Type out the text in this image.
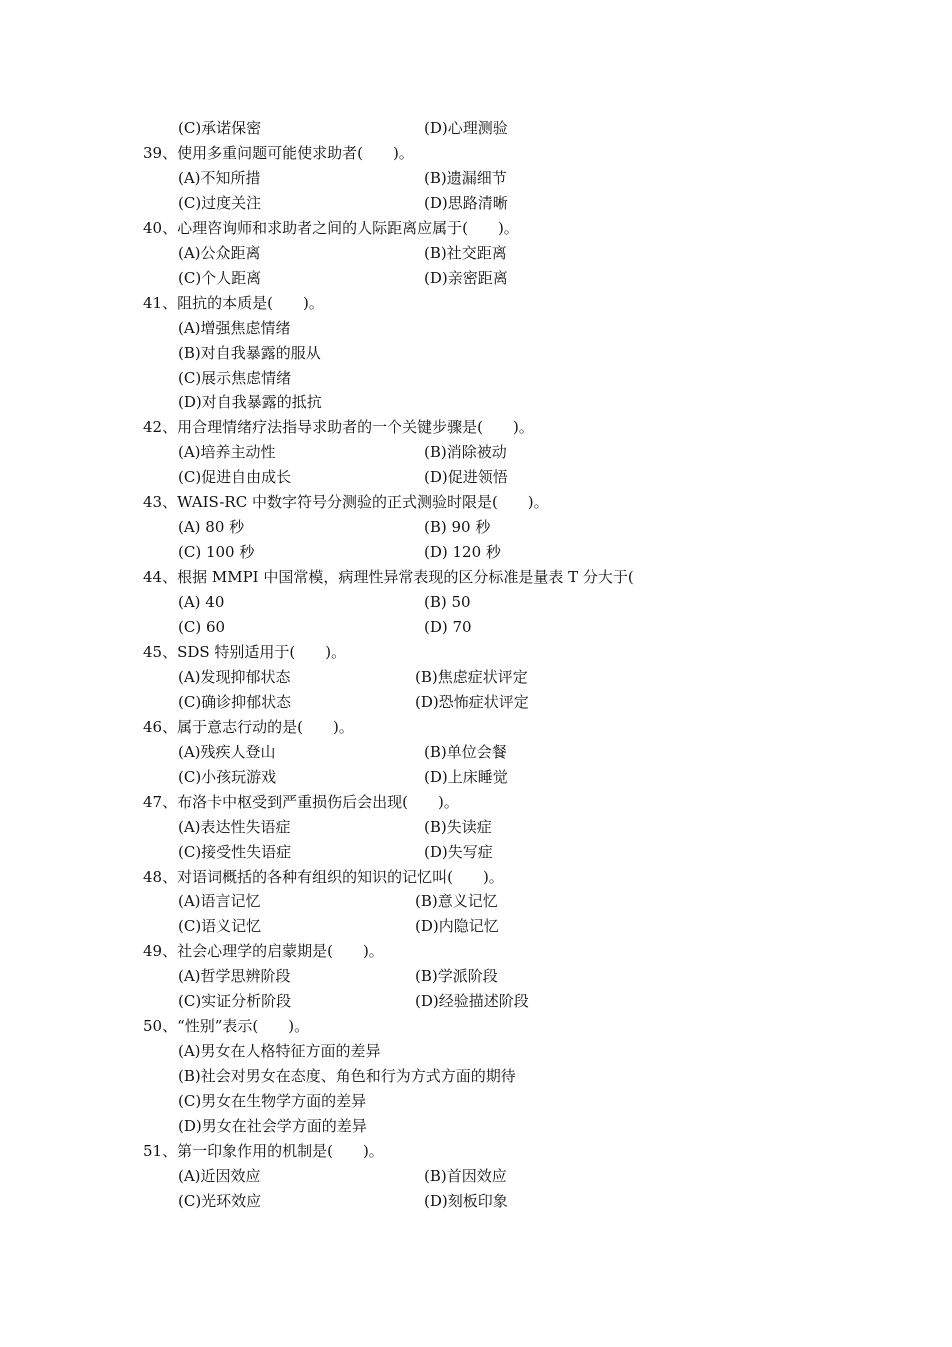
(C)承诺保密	(D)心理测验
39、使用多重问题可能使求助者(　　)。
(A)不知所措	(B)遗漏细节
(C)过度关注	(D)思路清晰
40、心理咨询师和求助者之间的人际距离应属于(　　)。
(A)公众距离	(B)社交距离
(C)个人距离	(D)亲密距离
41、阻抗的本质是(　　)。
(A)增强焦虑情绪
(B)对自我暴露的服从
(C)展示焦虑情绪
(D)对自我暴露的抵抗
42、用合理情绪疗法指导求助者的一个关键步骤是(　　)。
(A)培养主动性	(B)消除被动
(C)促进自由成长	(D)促进领悟
43、WAIS-RC 中数字符号分测验的正式测验时限是(　　)。
(A) 80 秒	(B) 90 秒
(C) 100 秒	(D) 120 秒
44、根据 MMPI 中国常模，病理性异常表现的区分标准是量表 T 分大于(
(A) 40	(B) 50
(C) 60	(D) 70
45、SDS 特别适用于(　　)。
(A)发现抑郁状态	(B)焦虑症状评定
(C)确诊抑郁状态	(D)恐怖症状评定
46、属于意志行动的是(　　)。
(A)残疾人登山	(B)单位会餐
(C)小孩玩游戏	(D)上床睡觉
47、布洛卡中枢受到严重损伤后会出现(　　)。
(A)表达性失语症	(B)失读症
(C)接受性失语症	(D)失写症
48、对语词概括的各种有组织的知识的记忆叫(　　)。
(A)语言记忆	(B)意义记忆
(C)语义记忆	(D)内隐记忆
49、社会心理学的启蒙期是(　　)。
(A)哲学思辨阶段	(B)学派阶段
(C)实证分析阶段	(D)经验描述阶段
50、“性别”表示(　　)。
(A)男女在人格特征方面的差异
(B)社会对男女在态度、角色和行为方式方面的期待
(C)男女在生物学方面的差异
(D)男女在社会学方面的差异
51、第一印象作用的机制是(　　)。
(A)近因效应	(B)首因效应
(C)光环效应	(D)刻板印象
